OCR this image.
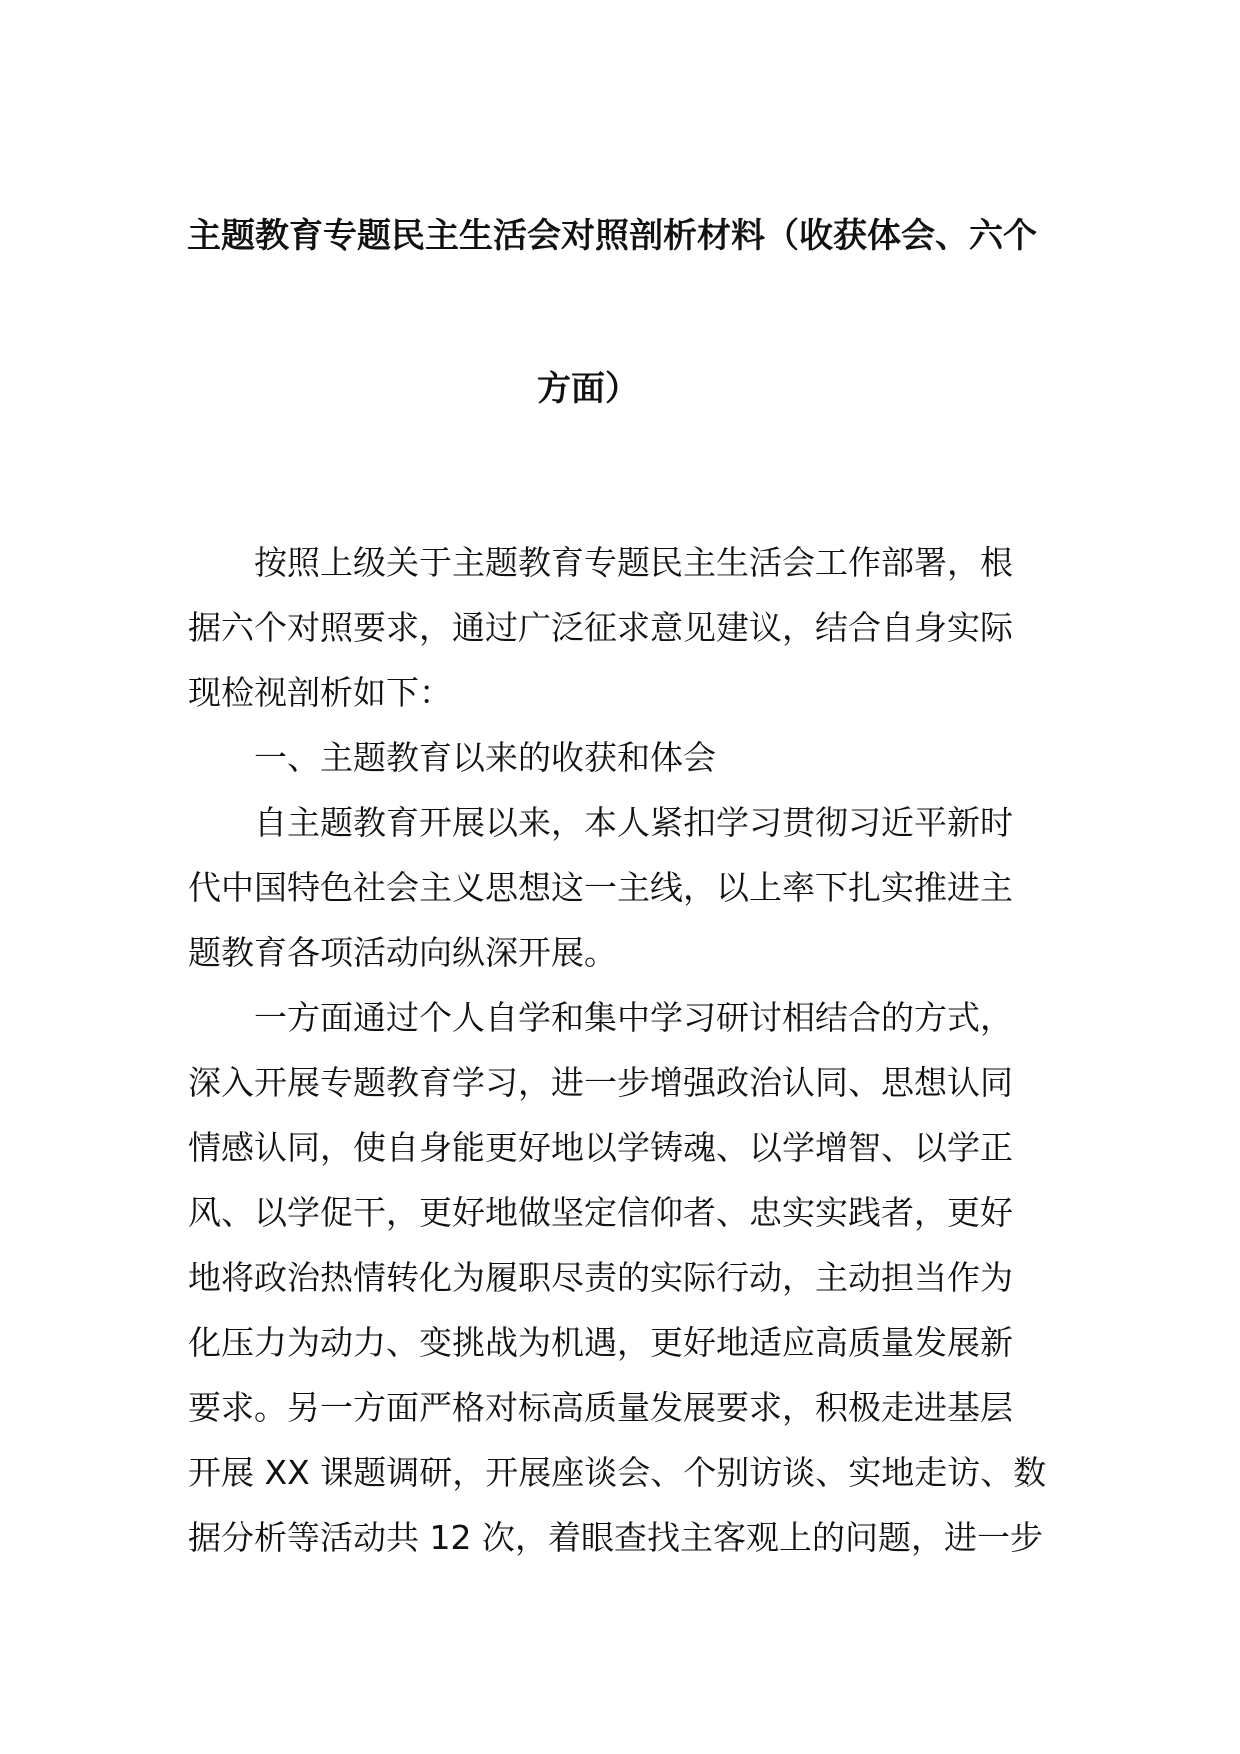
主题教育专题民主生活会对照剖析材料（收获体会、六个
方面）
　　按照上级关于主题教育专题民主生活会工作部署，根
据六个对照要求，通过广泛征求意见建议，结合自身实际
现检视剖析如下：
　　一、主题教育以来的收获和体会
　　自主题教育开展以来，本人紧扣学习贯彻习近平新时
代中国特色社会主义思想这一主线，以上率下扎实推进主
题教育各项活动向纵深开展。
　　一方面通过个人自学和集中学习研讨相结合的方式，
深入开展专题教育学习，进一步增强政治认同、思想认同
情感认同，使自身能更好地以学铸魂、以学增智、以学正
风、以学促干，更好地做坚定信仰者、忠实实践者，更好
地将政治热情转化为履职尽责的实际行动，主动担当作为
化压力为动力、变挑战为机遇，更好地适应高质量发展新
要求。另一方面严格对标高质量发展要求，积极走进基层
开展 XX 课题调研，开展座谈会、个别访谈、实地走访、数
据分析等活动共 12 次，着眼查找主客观上的问题，进一步
